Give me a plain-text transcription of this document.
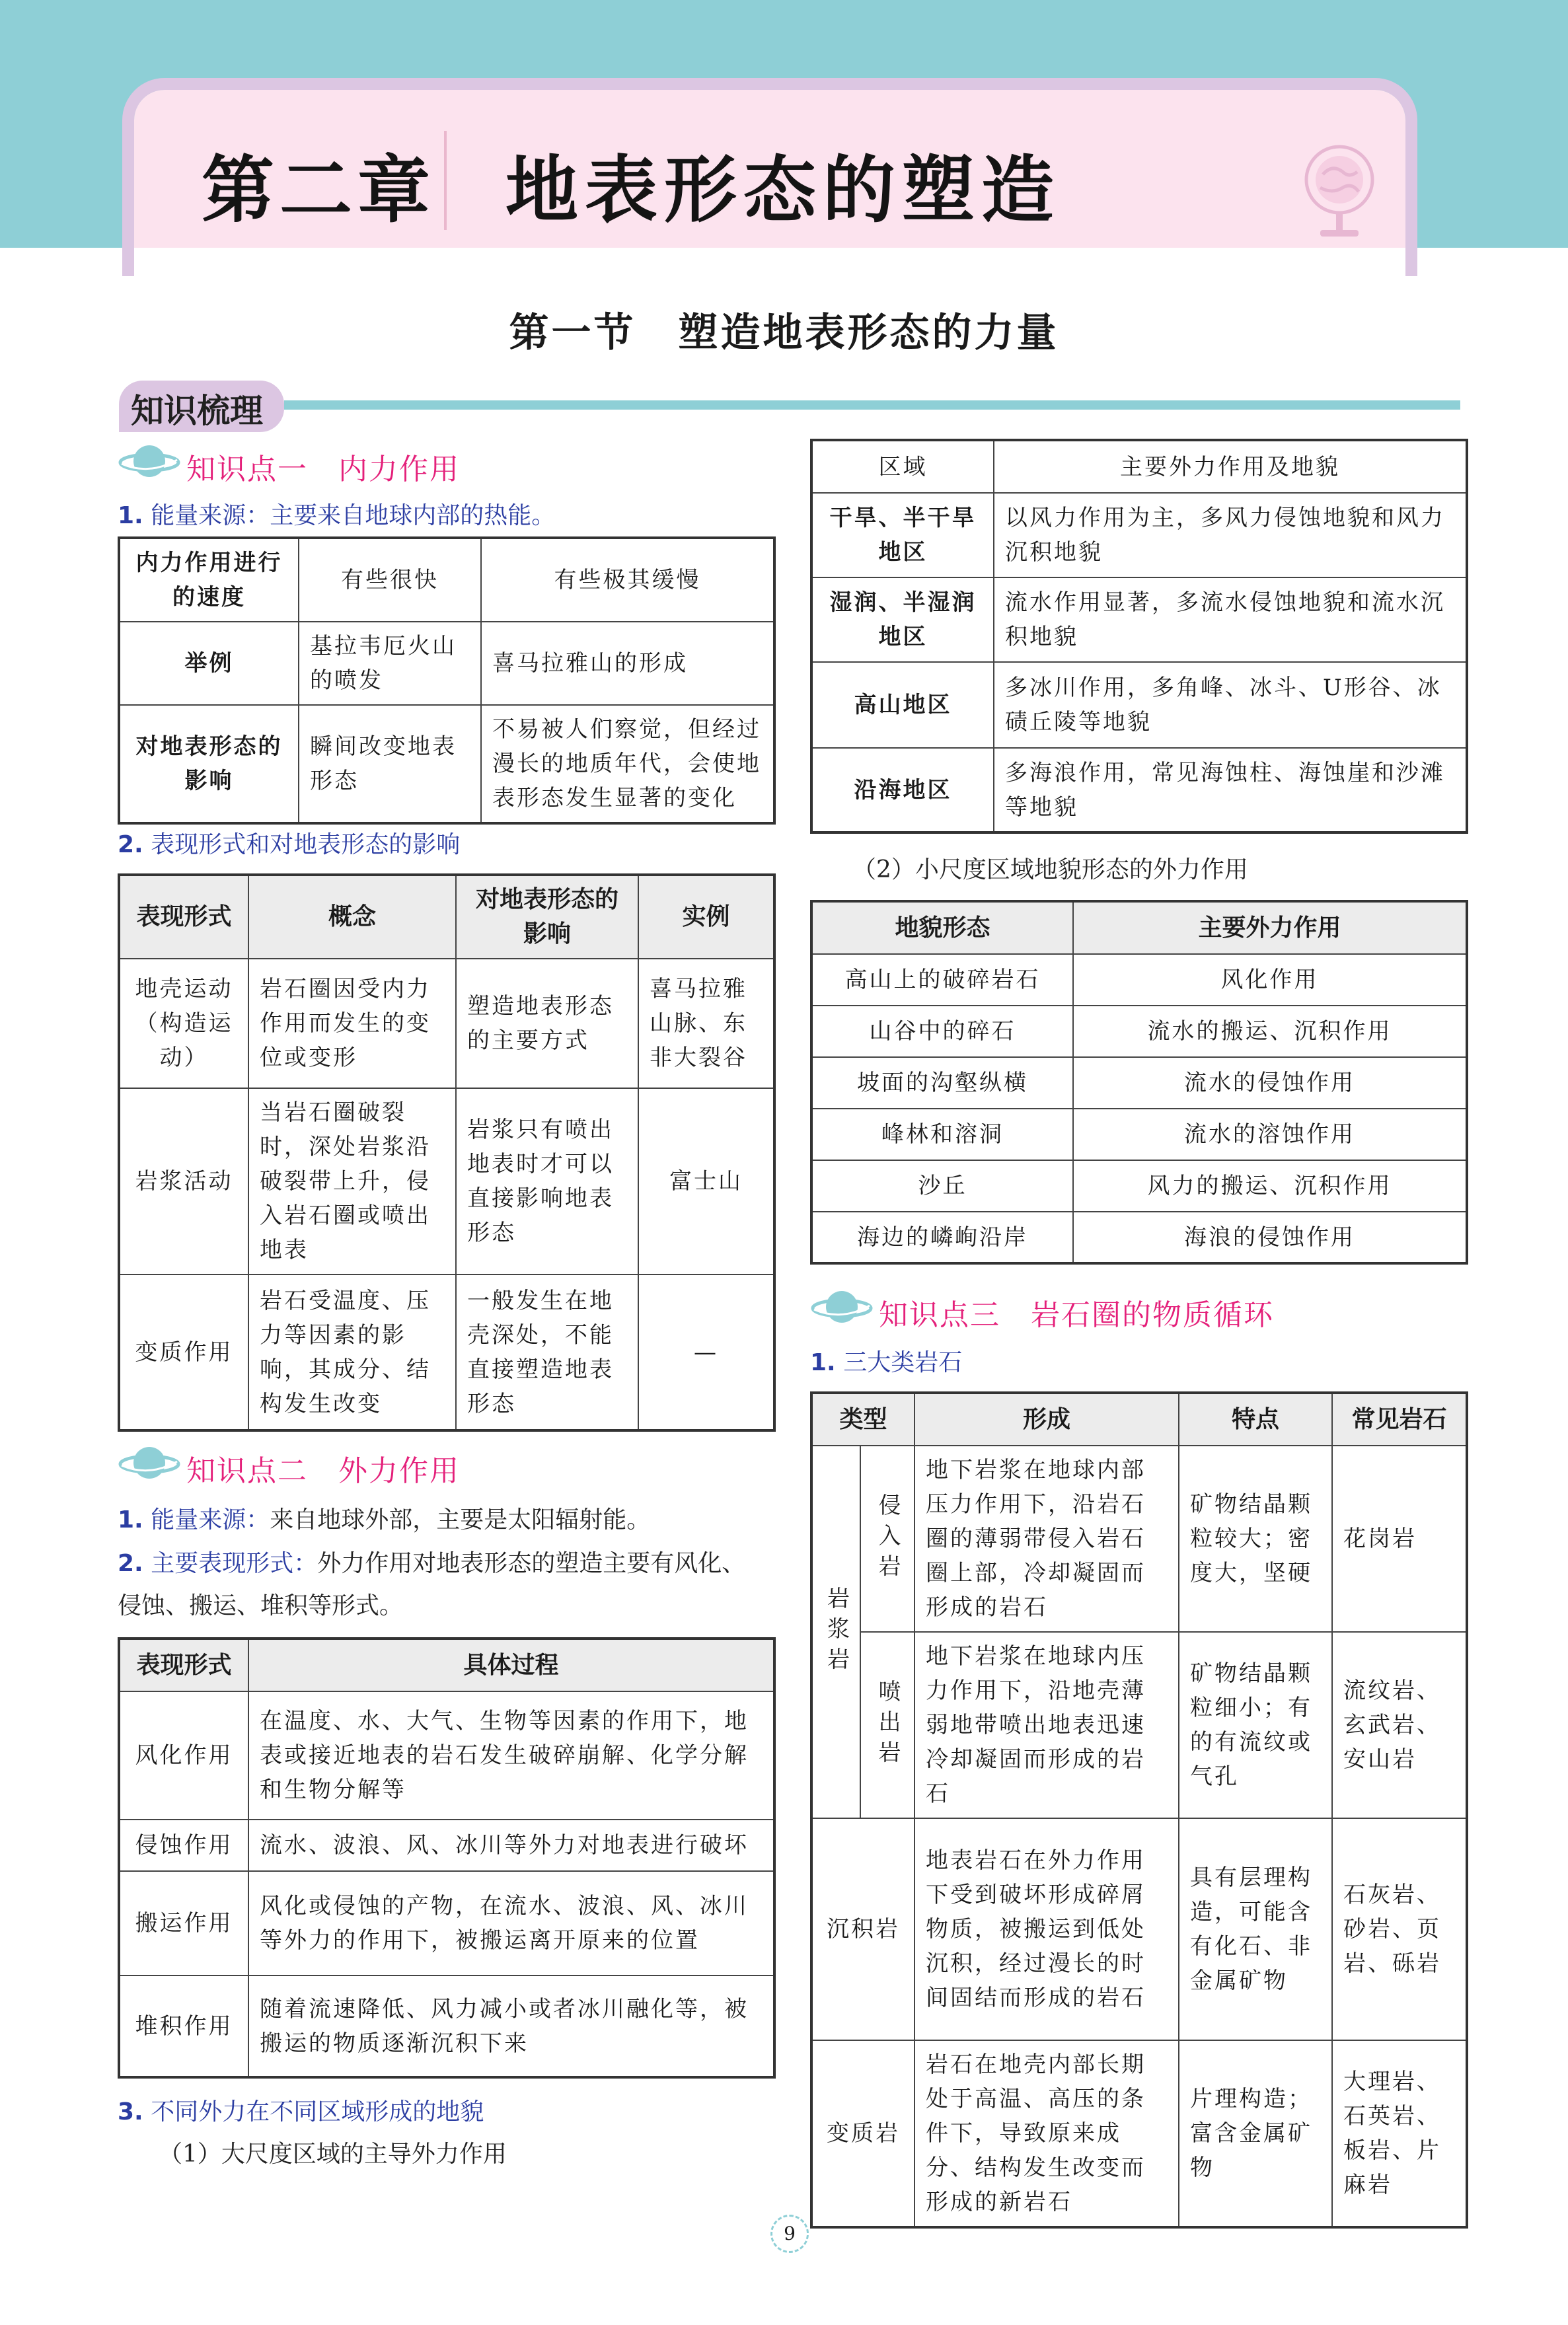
第二章 地表形态的塑造
第一节　塑造地表形态的力量
知识梳理
知识点一　内力作用
1. 能量来源：主要来自地球内部的热能。
内力作用进行的速度	有些很快	有些极其缓慢
举例	基拉韦厄火山的喷发	喜马拉雅山的形成
对地表形态的影响	瞬间改变地表形态	不易被人们察觉，但经过漫长的地质年代，会使地表形态发生显著的变化
2. 表现形式和对地表形态的影响
表现形式	概念	对地表形态的影响	实例
地壳运动（构造运动）	岩石圈因受内力作用而发生的变位或变形	塑造地表形态的主要方式	喜马拉雅山脉、东非大裂谷
岩浆活动	当岩石圈破裂时，深处岩浆沿破裂带上升，侵入岩石圈或喷出地表	岩浆只有喷出地表时才可以直接影响地表形态	富士山
变质作用	岩石受温度、压力等因素的影响，其成分、结构发生改变	一般发生在地壳深处，不能直接塑造地表形态	—
知识点二　外力作用
1. 能量来源：来自地球外部，主要是太阳辐射能。
2. 主要表现形式：外力作用对地表形态的塑造主要有风化、
侵蚀、搬运、堆积等形式。
表现形式	具体过程
风化作用	在温度、水、大气、生物等因素的作用下，地表或接近地表的岩石发生破碎崩解、化学分解和生物分解等
侵蚀作用	流水、波浪、风、冰川等外力对地表进行破坏
搬运作用	风化或侵蚀的产物，在流水、波浪、风、冰川等外力的作用下，被搬运离开原来的位置
堆积作用	随着流速降低、风力减小或者冰川融化等，被搬运的物质逐渐沉积下来
3. 不同外力在不同区域形成的地貌
（1）大尺度区域的主导外力作用
区域	主要外力作用及地貌
干旱、半干旱地区	以风力作用为主，多风力侵蚀地貌和风力沉积地貌
湿润、半湿润地区	流水作用显著，多流水侵蚀地貌和流水沉积地貌
高山地区	多冰川作用，多角峰、冰斗、U形谷、冰碛丘陵等地貌
沿海地区	多海浪作用，常见海蚀柱、海蚀崖和沙滩等地貌
（2）小尺度区域地貌形态的外力作用
地貌形态	主要外力作用
高山上的破碎岩石	风化作用
山谷中的碎石	流水的搬运、沉积作用
坡面的沟壑纵横	流水的侵蚀作用
峰林和溶洞	流水的溶蚀作用
沙丘	风力的搬运、沉积作用
海边的嶙峋沿岸	海浪的侵蚀作用
知识点三　岩石圈的物质循环
1. 三大类岩石
类型		形成	特点	常见岩石
岩浆岩	侵入岩	地下岩浆在地球内部压力作用下，沿岩石圈的薄弱带侵入岩石圈上部，冷却凝固而形成的岩石	矿物结晶颗粒较大；密度大，坚硬	花岗岩
	喷出岩	地下岩浆在地球内压力作用下，沿地壳薄弱地带喷出地表迅速冷却凝固而形成的岩石	矿物结晶颗粒细小；有的有流纹或气孔	流纹岩、玄武岩、安山岩
沉积岩		地表岩石在外力作用下受到破坏形成碎屑物质，被搬运到低处沉积，经过漫长的时间固结而形成的岩石	具有层理构造，可能含有化石、非金属矿物	石灰岩、砂岩、页岩、砾岩
变质岩		岩石在地壳内部长期处于高温、高压的条件下，导致原来成分、结构发生改变而形成的新岩石	片理构造；富含金属矿物	大理岩、石英岩、板岩、片麻岩
9
